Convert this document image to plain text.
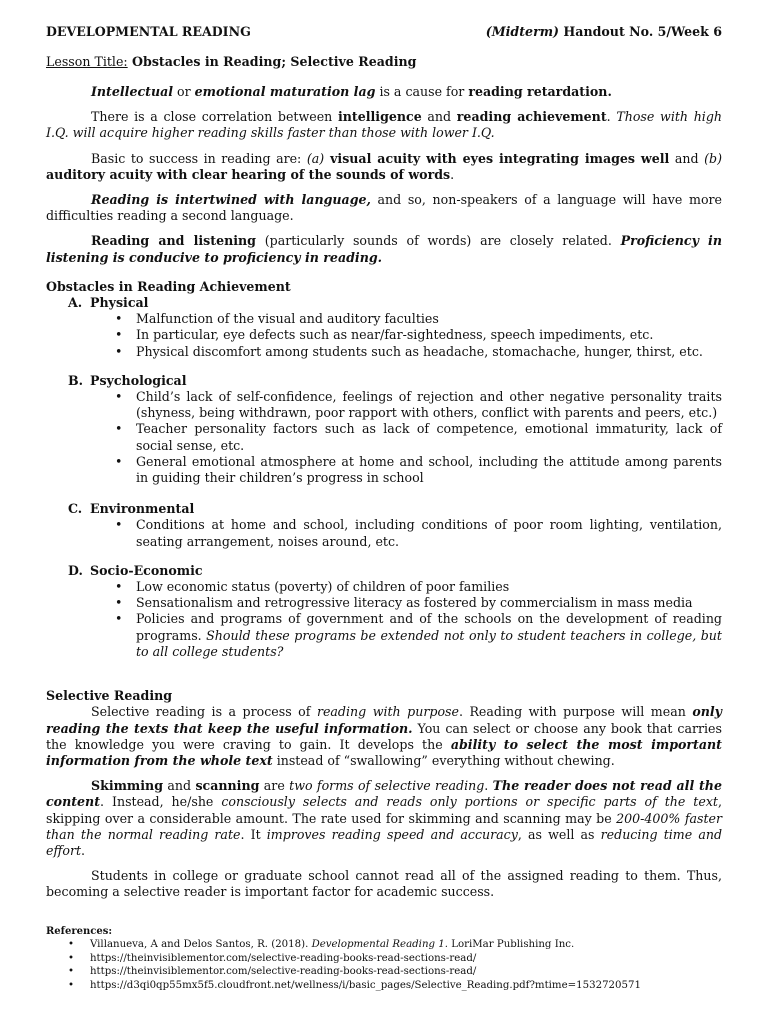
DEVELOPMENTAL READING	(Midterm) Handout No. 5/Week 6
Lesson Title: Obstacles in Reading; Selective Reading

Intellectual or emotional maturation lag is a cause for reading retardation.

There is a close correlation between intelligence and reading achievement. Those with high I.Q. will acquire higher reading skills faster than those with lower I.Q.

Basic to success in reading are: (a) visual acuity with eyes integrating images well and (b) auditory acuity with clear hearing of the sounds of words.

Reading is intertwined with language, and so, non-speakers of a language will have more difficulties reading a second language.

Reading and listening (particularly sounds of words) are closely related. Proficiency in listening is conducive to proficiency in reading.

Obstacles in Reading Achievement
A. Physical
• Malfunction of the visual and auditory faculties
• In particular, eye defects such as near/far-sightedness, speech impediments, etc.
• Physical discomfort among students such as headache, stomachache, hunger, thirst, etc.
B. Psychological
• Child’s lack of self-confidence, feelings of rejection and other negative personality traits (shyness, being withdrawn, poor rapport with others, conflict with parents and peers, etc.)
• Teacher personality factors such as lack of competence, emotional immaturity, lack of social sense, etc.
• General emotional atmosphere at home and school, including the attitude among parents in guiding their children’s progress in school
C. Environmental
• Conditions at home and school, including conditions of poor room lighting, ventilation, seating arrangement, noises around, etc.
D. Socio-Economic
• Low economic status (poverty) of children of poor families
• Sensationalism and retrogressive literacy as fostered by commercialism in mass media
• Policies and programs of government and of the schools on the development of reading programs. Should these programs be extended not only to student teachers in college, but to all college students?
Selective Reading

Selective reading is a process of reading with purpose. Reading with purpose will mean only reading the texts that keep the useful information. You can select or choose any book that carries the knowledge you were craving to gain. It develops the ability to select the most important information from the whole text instead of “swallowing” everything without chewing.

Skimming and scanning are two forms of selective reading. The reader does not read all the content. Instead, he/she consciously selects and reads only portions or specific parts of the text, skipping over a considerable amount. The rate used for skimming and scanning may be 200-400% faster than the normal reading rate. It improves reading speed and accuracy, as well as reducing time and effort.

Students in college or graduate school cannot read all of the assigned reading to them. Thus, becoming a selective reader is important factor for academic success.

References:
• Villanueva, A and Delos Santos, R. (2018). Developmental Reading 1. LoriMar Publishing Inc.
• https://theinvisiblementor.com/selective-reading-books-read-sections-read/
• https://theinvisiblementor.com/selective-reading-books-read-sections-read/
• https://d3qi0qp55mx5f5.cloudfront.net/wellness/i/basic_pages/Selective_Reading.pdf?mtime=1532720571
